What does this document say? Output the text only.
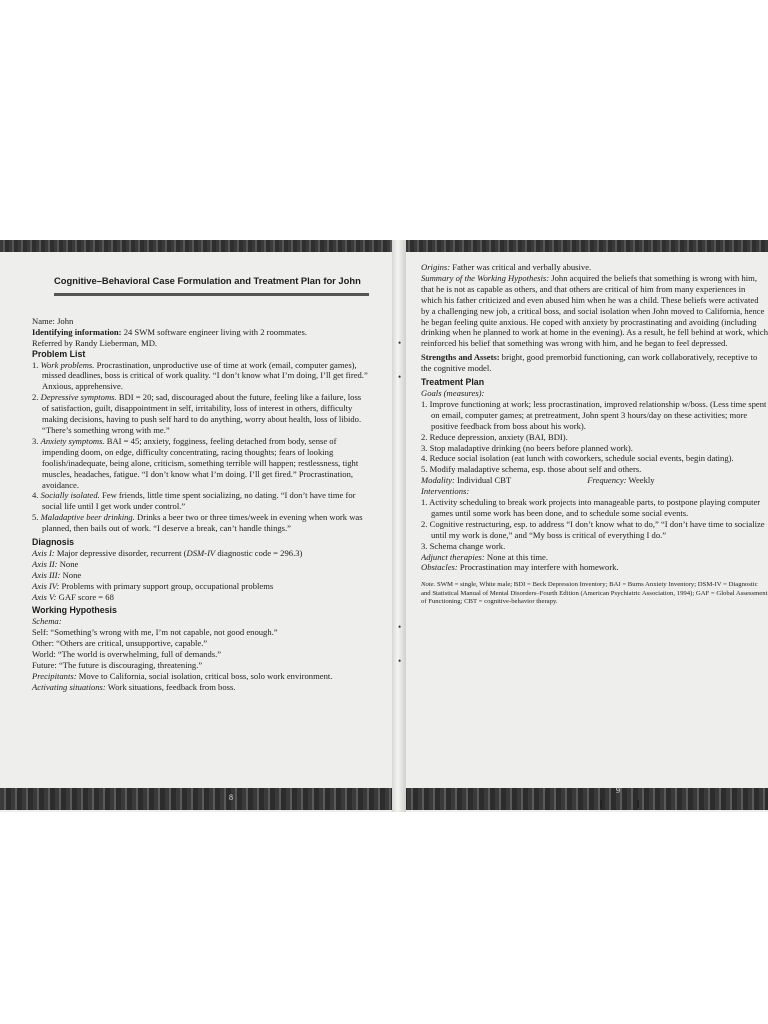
8
9
•
•
•
•
Cognitive–Behavioral Case Formulation and Treatment Plan for John

Name: John

Identifying information: 24 SWM software engineer living with 2 roommates.

Referred by Randy Lieberman, MD.

Problem List

1. Work problems. Procrastination, unproductive use of time at work (email, computer games), missed deadlines, boss is critical of work quality. “I don’t know what I’m doing, I’ll get fired.” Anxious, apprehensive.
2. Depressive symptoms. BDI = 20; sad, discouraged about the future, feeling like a failure, loss of satisfaction, guilt, disappointment in self, irritability, loss of interest in others, difficulty making decisions, having to push self hard to do anything, worry about health, loss of libido. “There’s something wrong with me.”
3. Anxiety symptoms. BAI = 45; anxiety, fogginess, feeling detached from body, sense of impending doom, on edge, difficulty concentrating, racing thoughts; fears of looking foolish/inadequate, being alone, criticism, something terrible will happen; restlessness, tight muscles, headaches, fatigue. “I don’t know what I’m doing. I’ll get fired.” Procrastination, avoidance.
4. Socially isolated. Few friends, little time spent socializing, no dating. “I don’t have time for social life until I get work under control.”
5. Maladaptive beer drinking. Drinks a beer two or three times/week in evening when work was planned, then bails out of work. “I deserve a break, can’t handle things.”

Diagnosis

Axis I: Major depressive disorder, recurrent (DSM-IV diagnostic code = 296.3)

Axis II: None

Axis III: None

Axis IV: Problems with primary support group, occupational problems

Axis V: GAF score = 68

Working Hypothesis

Schema:

Self: “Something’s wrong with me, I’m not capable, not good enough.”

Other: “Others are critical, unsupportive, capable.”

World: “The world is overwhelming, full of demands.”

Future: “The future is discouraging, threatening.”

Precipitants: Move to California, social isolation, critical boss, solo work environment.

Activating situations: Work situations, feedback from boss.

Origins: Father was critical and verbally abusive.

Summary of the Working Hypothesis: John acquired the beliefs that something is wrong with him, that he is not as capable as others, and that others are critical of him from many experiences in which his father criticized and even abused him when he was a child. These beliefs were activated by a challenging new job, a critical boss, and social isolation when John moved to California, hence he began feeling quite anxious. He coped with anxiety by procrastinating and avoiding (including drinking when he planned to work at home in the evening). As a result, he fell behind at work, which reinforced his belief that something was wrong with him, and he began to feel depressed.

Strengths and Assets: bright, good premorbid functioning, can work collaboratively, receptive to the cognitive model.

Treatment Plan

Goals (measures):

1. Improve functioning at work; less procrastination, improved relationship w/boss. (Less time spent on email, computer games; at pretreatment, John spent 3 hours/day on these activities; more positive feedback from boss about his work).
2. Reduce depression, anxiety (BAI, BDI).
3. Stop maladaptive drinking (no beers before planned work).
4. Reduce social isolation (eat lunch with coworkers, schedule social events, begin dating).
5. Modify maladaptive schema, esp. those about self and others.

Modality: Individual CBT	Frequency: Weekly

Interventions:

1. Activity scheduling to break work projects into manageable parts, to postpone playing computer games until some work has been done, and to schedule some social events.
2. Cognitive restructuring, esp. to address “I don’t know what to do,” “I don’t have time to socialize until my work is done,” and “My boss is critical of everything I do.”
3. Schema change work.

Adjunct therapies: None at this time.

Obstacles: Procrastination may interfere with homework.

Note. SWM = single, White male; BDI = Beck Depression Inventory; BAI = Burns Anxiety Inventory; DSM-IV = Diagnostic and Statistical Manual of Mental Disorders–Fourth Edition (American Psychiatric Association, 1994); GAF = Global Assessment of Functioning; CBT = cognitive-behavior therapy.
